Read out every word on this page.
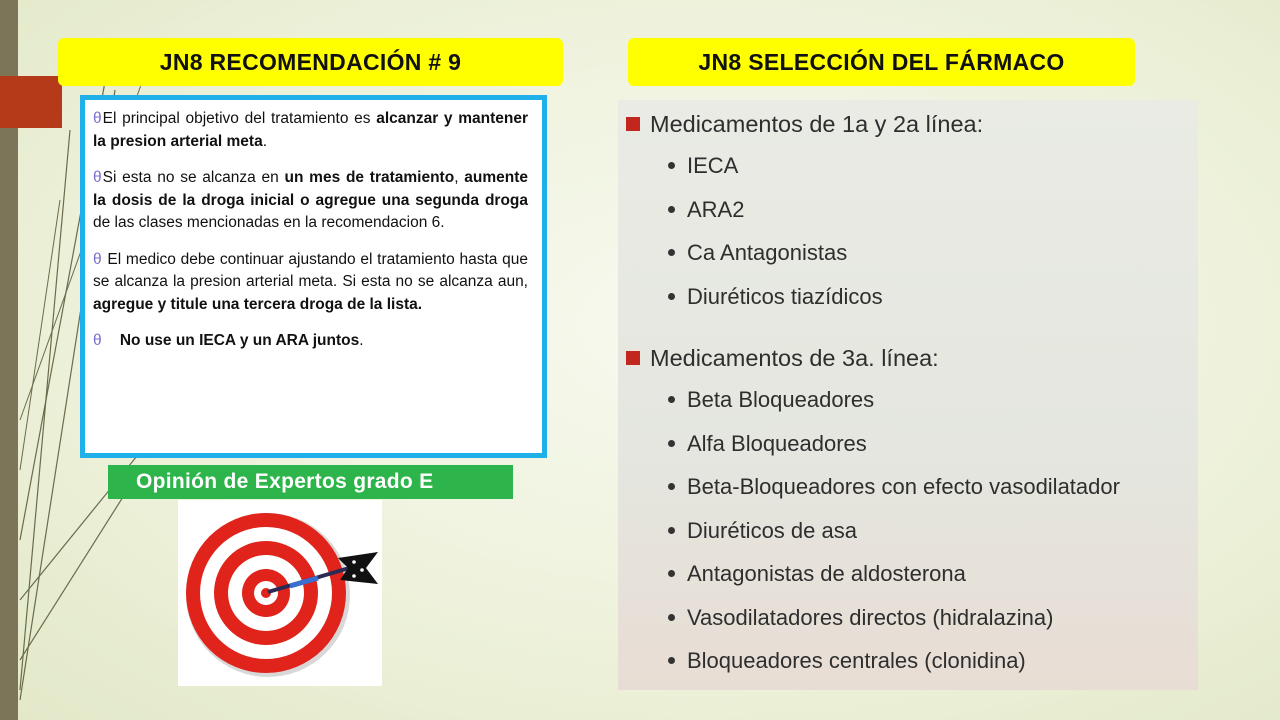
JN8 RECOMENDACIÓN # 9	JN8 SELECCIÓN DEL FÁRMACO

θEl principal objetivo del tratamiento es alcanzar y mantener la presion arterial meta.

θSi esta no se alcanza en un mes de tratamiento, aumente la dosis de la droga inicial o agregue una segunda droga de las clases mencionadas en la recomendacion 6.

θ El medico debe continuar ajustando el tratamiento hasta que se alcanza la presion arterial meta. Si esta no se alcanza aun, agregue y titule una tercera droga de la lista.

θ No use un IECA y un ARA juntos.

Opinión de Expertos grado E
Medicamentos de 1a y 2a línea:
IECA
ARA2
Ca Antagonistas
Diuréticos tiazídicos
Medicamentos de 3a. línea:
Beta Bloqueadores
Alfa Bloqueadores
Beta-Bloqueadores con efecto vasodilatador
Diuréticos de asa
Antagonistas de aldosterona
Vasodilatadores directos (hidralazina)
Bloqueadores centrales (clonidina)
